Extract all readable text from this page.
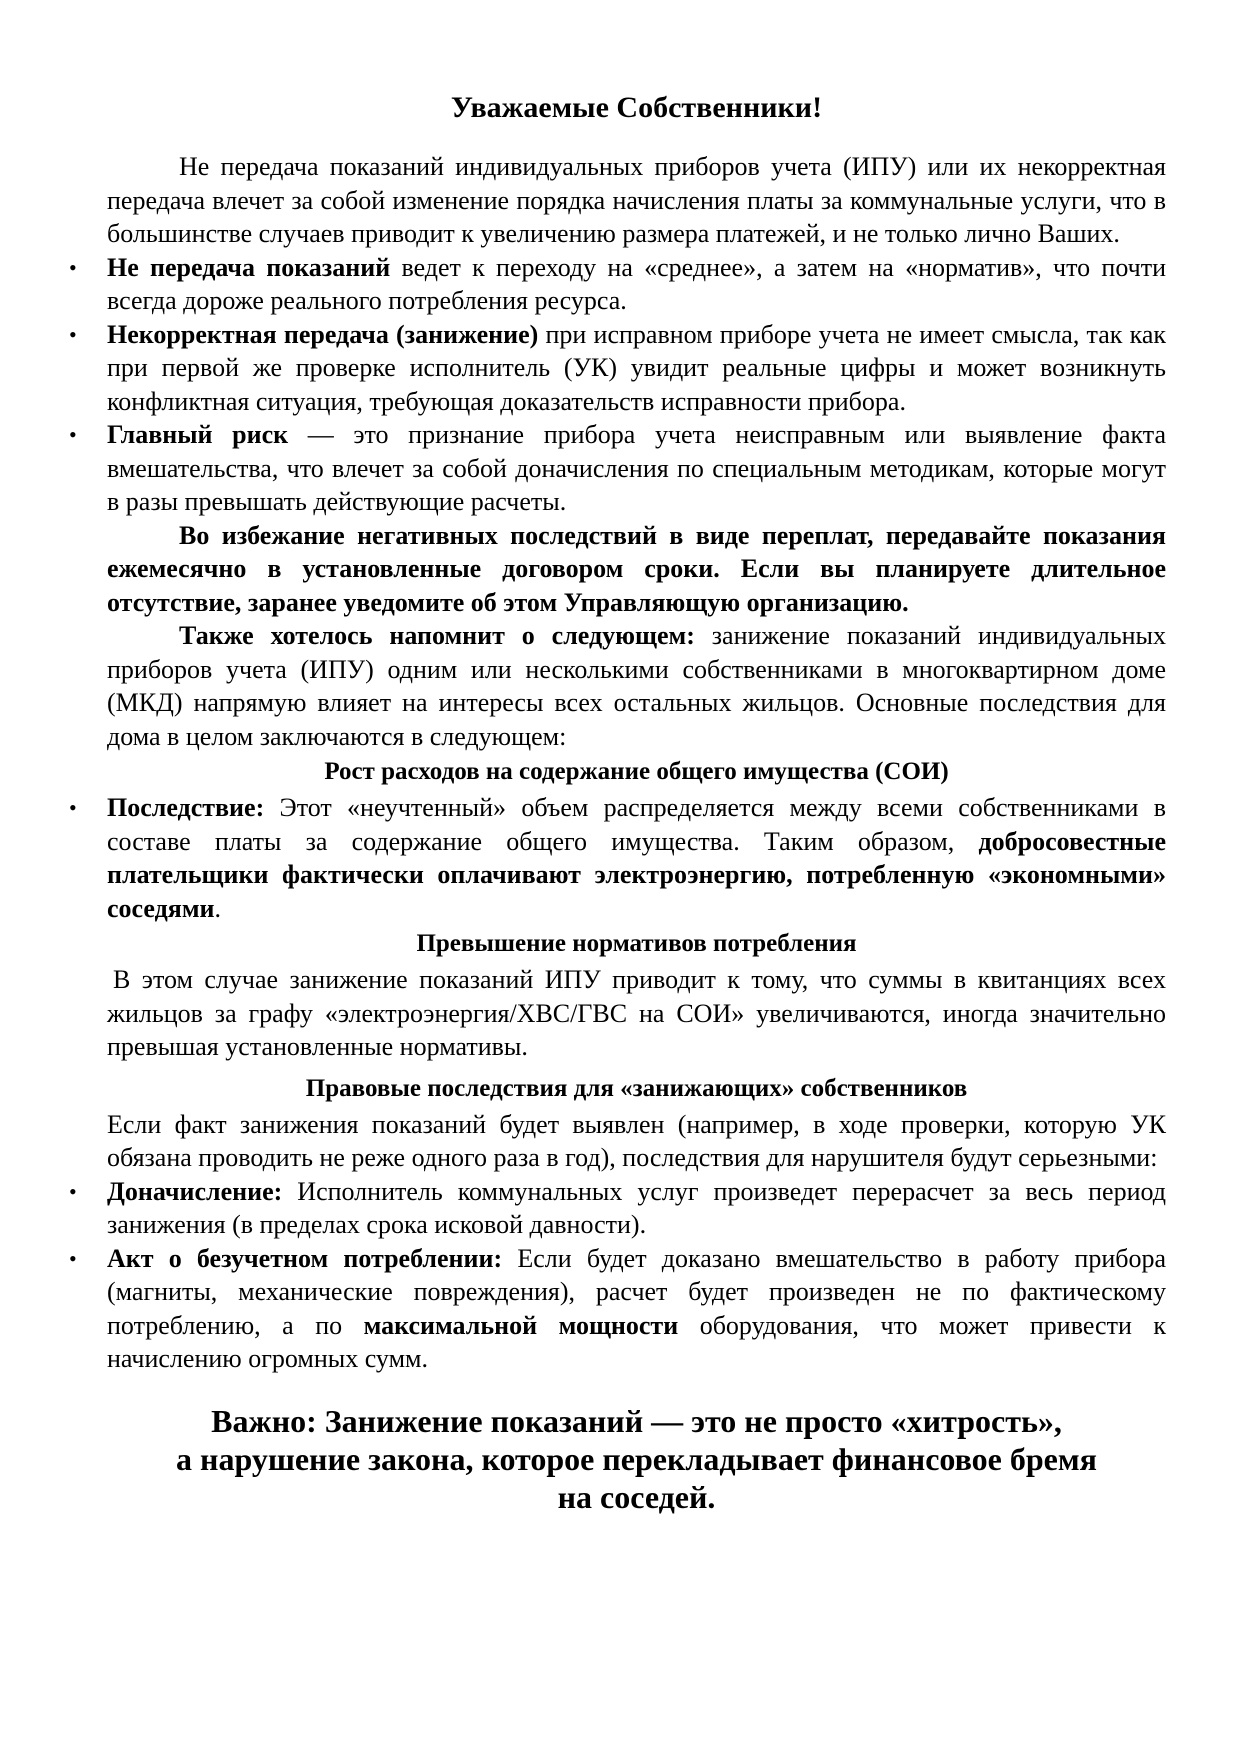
Уважаемые Собственники!

Не передача показаний индивидуальных приборов учета (ИПУ) или их некорректная передача влечет за собой изменение порядка начисления платы за коммунальные услуги, что в большинстве случаев приводит к увеличению размера платежей, и не только лично Ваших.

• Не передача показаний ведет к переходу на «среднее», а затем на «норматив», что почти всегда дороже реального потребления ресурса.
• Некорректная передача (занижение) при исправном приборе учета не имеет смысла, так как при первой же проверке исполнитель (УК) увидит реальные цифры и может возникнуть конфликтная ситуация, требующая доказательств исправности прибора.
• Главный риск — это признание прибора учета неисправным или выявление факта вмешательства, что влечет за собой доначисления по специальным методикам, которые могут в разы превышать действующие расчеты.

Во избежание негативных последствий в виде переплат, передавайте показания ежемесячно в установленные договором сроки. Если вы планируете длительное отсутствие, заранее уведомите об этом Управляющую организацию.

Также хотелось напомнит о следующем: занижение показаний индивидуальных приборов учета (ИПУ) одним или несколькими собственниками в многоквартирном доме (МКД) напрямую влияет на интересы всех остальных жильцов. Основные последствия для дома в целом заключаются в следующем:

Рост расходов на содержание общего имущества (СОИ)
• Последствие: Этот «неучтенный» объем распределяется между всеми собственниками в составе платы за содержание общего имущества. Таким образом, добросовестные плательщики фактически оплачивают электроэнергию, потребленную «экономными» соседями.
Превышение нормативов потребления

В этом случае занижение показаний ИПУ приводит к тому, что суммы в квитанциях всех жильцов за графу «электроэнергия/ХВС/ГВС на СОИ» увеличиваются, иногда значительно превышая установленные нормативы.

Правовые последствия для «занижающих» собственников

Если факт занижения показаний будет выявлен (например, в ходе проверки, которую УК обязана проводить не реже одного раза в год), последствия для нарушителя будут серьезными:

• Доначисление: Исполнитель коммунальных услуг произведет перерасчет за весь период занижения (в пределах срока исковой давности).
• Акт о безучетном потреблении: Если будет доказано вмешательство в работу прибора (магниты, механические повреждения), расчет будет произведен не по фактическому потреблению, а по максимальной мощности оборудования, что может привести к начислению огромных сумм.
Важно: Занижение показаний — это не просто «хитрость»,
а нарушение закона, которое перекладывает финансовое бремя
на соседей.
